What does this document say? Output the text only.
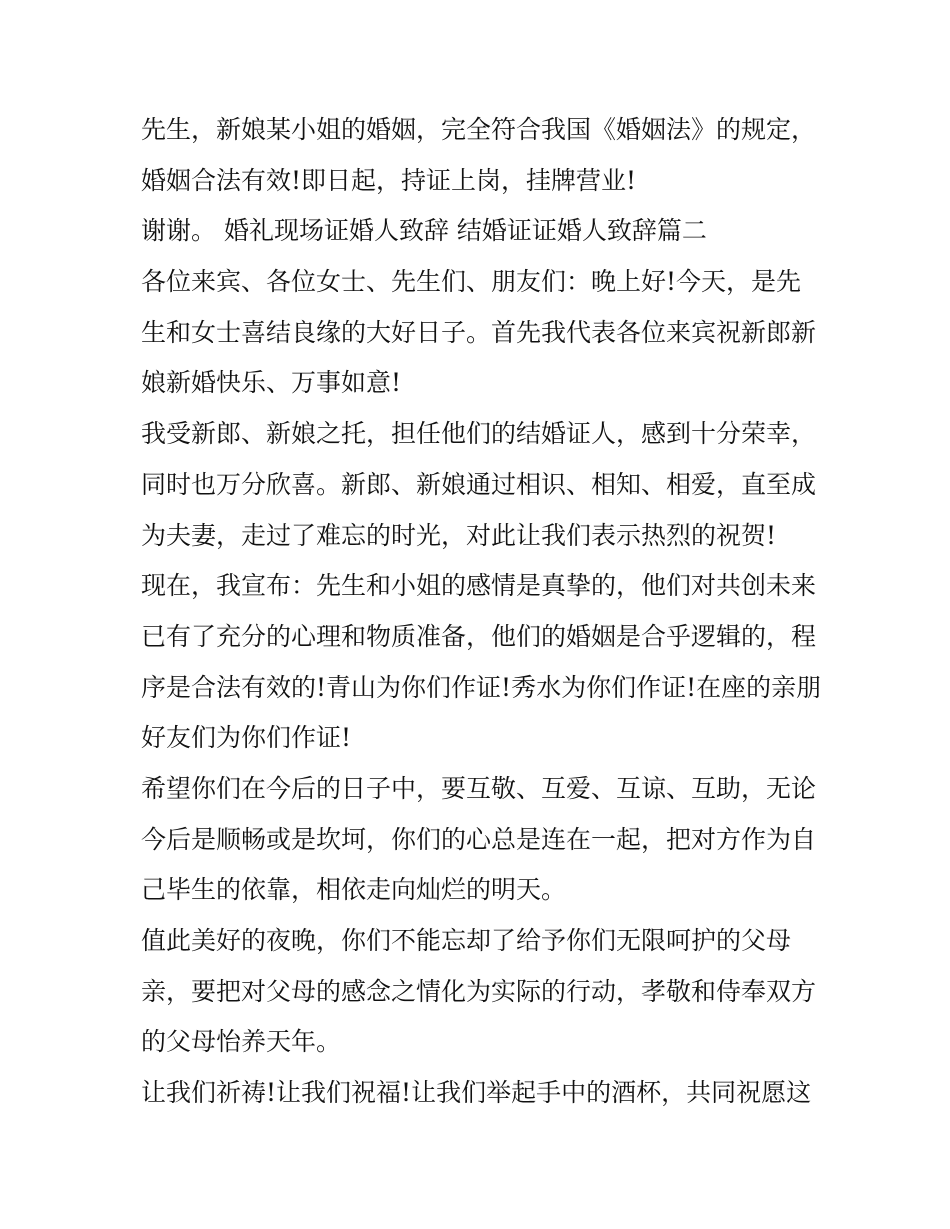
先生，新娘某小姐的婚姻，完全符合我国《婚姻法》的规定，
婚姻合法有效!即日起，持证上岗，挂牌营业!
谢谢。 婚礼现场证婚人致辞 结婚证证婚人致辞篇二
各位来宾、各位女士、先生们、朋友们：晚上好!今天，是先
生和女士喜结良缘的大好日子。首先我代表各位来宾祝新郎新
娘新婚快乐、万事如意!
我受新郎、新娘之托，担任他们的结婚证人，感到十分荣幸，
同时也万分欣喜。新郎、新娘通过相识、相知、相爱，直至成
为夫妻，走过了难忘的时光，对此让我们表示热烈的祝贺!
现在，我宣布：先生和小姐的感情是真挚的，他们对共创未来
已有了充分的心理和物质准备，他们的婚姻是合乎逻辑的，程
序是合法有效的!青山为你们作证!秀水为你们作证!在座的亲朋
好友们为你们作证!
希望你们在今后的日子中，要互敬、互爱、互谅、互助，无论
今后是顺畅或是坎坷，你们的心总是连在一起，把对方作为自
己毕生的依靠，相依走向灿烂的明天。
值此美好的夜晚，你们不能忘却了给予你们无限呵护的父母
亲，要把对父母的感念之情化为实际的行动，孝敬和侍奉双方
的父母怡养天年。
让我们祈祷!让我们祝福!让我们举起手中的酒杯，共同祝愿这
